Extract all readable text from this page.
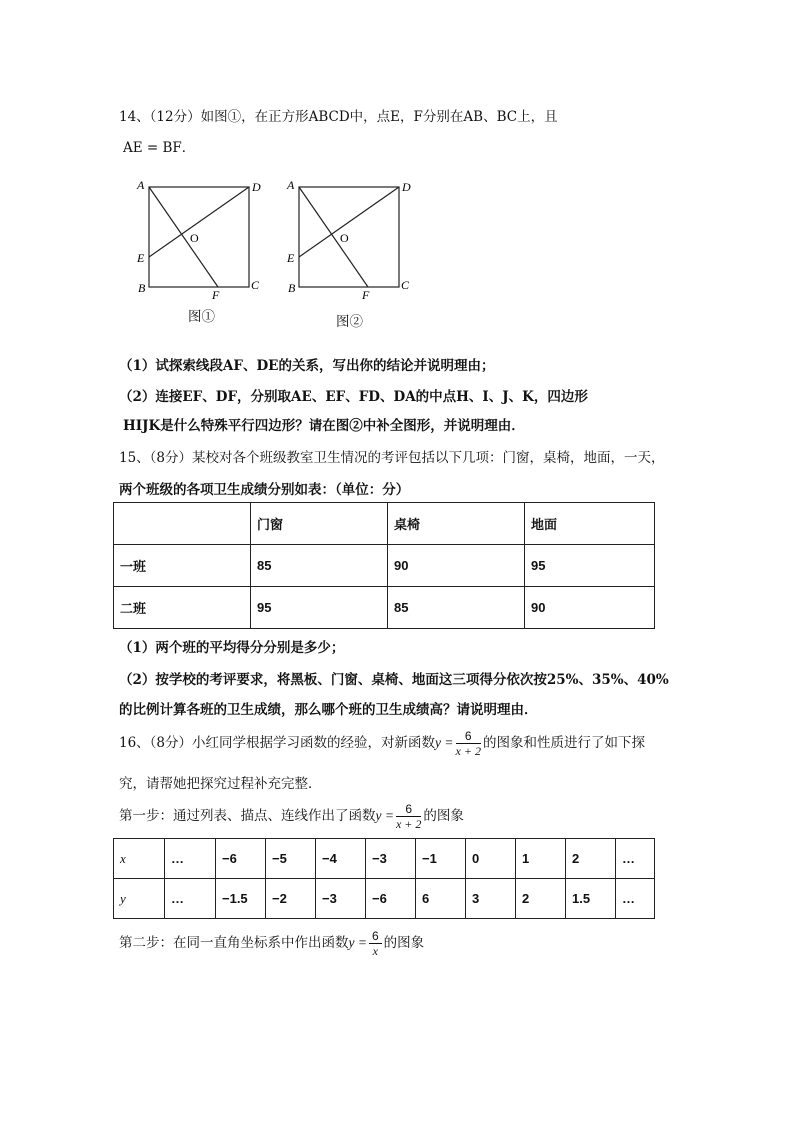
14、（12分）如图①，在正方形ABCD中，点E，F分别在AB、BC上，且
AE = BF．
A	D
E
O
B	F
C
图①
A	D
E
O
B	F
C
图②
（1）试探索线段AF、DE的关系，写出你的结论并说明理由；
（2）连接EF、DF，分别取AE、EF、FD、DA的中点H、I、J、K，四边形
HIJK是什么特殊平行四边形？请在图②中补全图形，并说明理由．
15、（8分）某校对各个班级教室卫生情况的考评包括以下几项：门窗，桌椅，地面，一天，
两个班级的各项卫生成绩分别如表：（单位：分）
	门窗	桌椅	地面
一班	85	90	95
二班	95	85	90
（1）两个班的平均得分分别是多少；
（2）按学校的考评要求，将黑板、门窗、桌椅、地面这三项得分依次按25%、35%、40%
的比例计算各班的卫生成绩，那么哪个班的卫生成绩高？请说明理由．
16、（8分）小红同学根据学习函数的经验，对新函数$y = \frac{6}{x + 2}$ 的图象和性质进行了如下探
究，请帮她把探究过程补充完整．
第一步：通过列表、描点、连线作出了函数$y = \frac{6}{x + 2}$ 的图象
x	…	−6	−5	−4	−3	−1	0	1	2	…
y	…	−1.5	−2	−3	−6	6	3	2	1.5	…
第二步：在同一直角坐标系中作出函数$y = \frac{6}{x}$ 的图象
